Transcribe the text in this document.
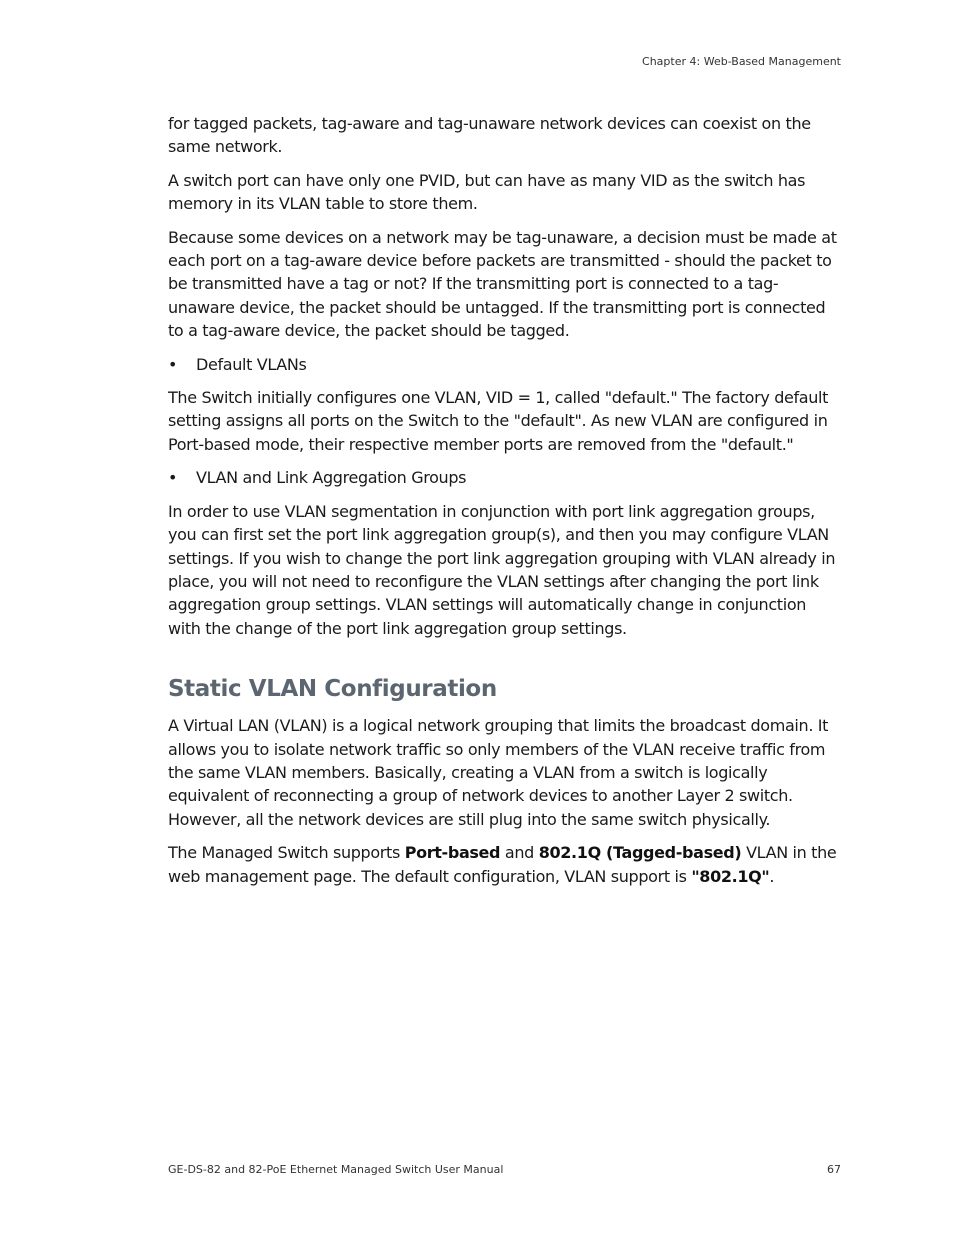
Chapter 4: Web-Based Management

for tagged packets, tag-aware and tag-unaware network devices can coexist on the same network.

A switch port can have only one PVID, but can have as many VID as the switch has memory in its VLAN table to store them.

Because some devices on a network may be tag-unaware, a decision must be made at each port on a tag-aware device before packets are transmitted - should the packet to be transmitted have a tag or not? If the transmitting port is connected to a tag-unaware device, the packet should be untagged. If the transmitting port is connected to a tag-aware device, the packet should be tagged.

• Default VLANs

The Switch initially configures one VLAN, VID = 1, called "default." The factory default setting assigns all ports on the Switch to the "default". As new VLAN are configured in Port-based mode, their respective member ports are removed from the "default."

• VLAN and Link Aggregation Groups

In order to use VLAN segmentation in conjunction with port link aggregation groups, you can first set the port link aggregation group(s), and then you may configure VLAN settings. If you wish to change the port link aggregation grouping with VLAN already in place, you will not need to reconfigure the VLAN settings after changing the port link aggregation group settings. VLAN settings will automatically change in conjunction with the change of the port link aggregation group settings.

Static VLAN Configuration

A Virtual LAN (VLAN) is a logical network grouping that limits the broadcast domain. It allows you to isolate network traffic so only members of the VLAN receive traffic from the same VLAN members. Basically, creating a VLAN from a switch is logically equivalent of reconnecting a group of network devices to another Layer 2 switch. However, all the network devices are still plug into the same switch physically.

The Managed Switch supports Port-based and 802.1Q (Tagged-based) VLAN in the web management page. The default configuration, VLAN support is "802.1Q".

GE-DS-82 and 82-PoE Ethernet Managed Switch User Manual	67
